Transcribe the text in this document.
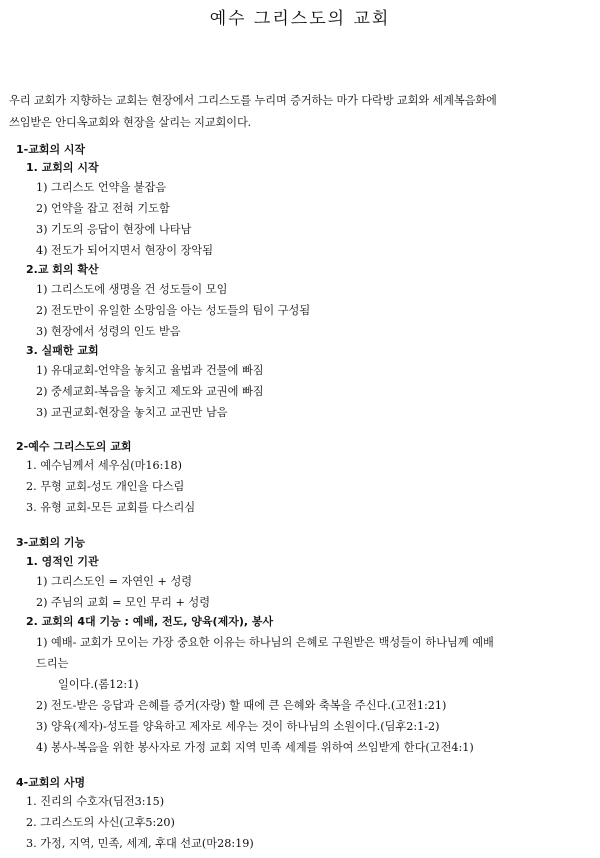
예수 그리스도의 교회
우리 교회가 지향하는 교회는 현장에서 그리스도를 누리며 증거하는 마가 다락방 교회와 세계복음화에
쓰임받은 안디옥교회와 현장을 살리는 지교회이다.
1-교회의 시작
1. 교회의 시작
1) 그리스도 언약을 붙잡음
2) 언약을 잡고 전혀 기도함
3) 기도의 응답이 현장에 나타남
4) 전도가 되어지면서 현장이 장악됨
2.교 회의 확산
1) 그리스도에 생명을 건 성도들이 모임
2) 전도만이 유일한 소망임을 아는 성도들의 팀이 구성됨
3) 현장에서 성령의 인도 받음
3. 실패한 교회
1) 유대교회-언약을 놓치고 율법과 건물에 빠짐
2) 중세교회-복음을 놓치고 제도와 교권에 빠짐
3) 교권교회-현장을 놓치고 교권만 남음
2-예수 그리스도의 교회
1. 예수님께서 세우심(마16:18)
2. 무형 교회-성도 개인을 다스림
3. 유형 교회-모든 교회를 다스리심
3-교회의 기능
1. 영적인 기관
1) 그리스도인 = 자연인 + 성령
2) 주님의 교회 = 모인 무리 + 성령
2. 교회의 4대 기능 : 예배, 전도, 양육(제자), 봉사
1) 예배- 교회가 모이는 가장 중요한 이유는 하나님의 은혜로 구원받은 백성들이 하나님께 예배
드리는
일이다.(롬12:1)
2) 전도-받은 응답과 은혜를 증거(자랑) 할 때에 큰 은혜와 축복을 주신다.(고전1:21)
3) 양육(제자)-성도를 양육하고 제자로 세우는 것이 하나님의 소원이다.(딤후2:1-2)
4) 봉사-복음을 위한 봉사자로 가정 교회 지역 민족 세계를 위하여 쓰임받게 한다(고전4:1)
4-교회의 사명
1. 진리의 수호자(딤전3:15)
2. 그리스도의 사신(고후5:20)
3. 가정, 지역, 민족, 세계, 후대 선교(마28:19)
